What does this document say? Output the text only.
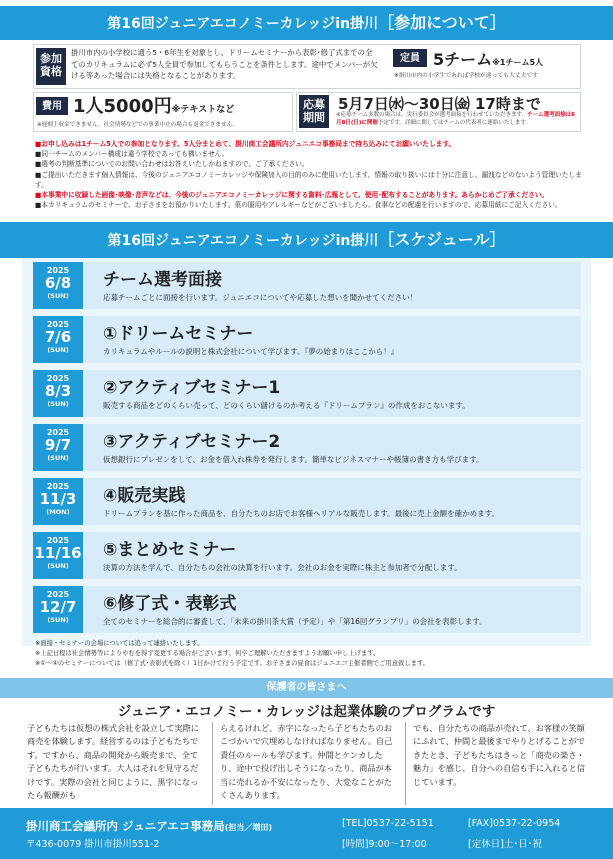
第16回ジュニアエコノミーカレッジin掛川［参加について］
参加
資格
掛川市内の小学校に通う5・6年生を対象とし、ドリームセミナーから表彰･修了式までの全てのカリキュラムに必ず5人全員で参加してもらうことを条件とします。途中でメンバーが欠ける等あった場合には失格となることがあります。
定員 5チーム※1チーム5人
※掛川市内の小学生であれば学校が違っても大丈夫です
費用 1人5000円※テキストなど
※遅刻上収金できません。社会情勢などでの事業中止の場合も返金できません。
応募
期間
5月7日㈬〜30日㈮ 17時まで
※応募チーム多数の場合は、実行委員会が選考面接を行わせていただきます。チーム選考面接は6月8日(日)に開催予定です。詳細に関してはチームの代表者に連絡いたします。
■お申し込みは1チーム5人での参加となります。5人分まとめて、掛川商工会議所内ジュニエコ事務局まで持ち込みにてお願いいたします。
■同一チームのメンバー構成は違う学校であっても構いません。
■選考の判断基準についてのお問い合わせはお答えいたしかねますので、ご了承ください。
■ご提出いただきます個人情報は、今後のジュニアエコノミーカレッジや保険加入の目的のみに使用いたします。情報の取り扱いには十分に注意し、漏洩などのないよう管理いたします。
■本事業中に収録した画像･映像･音声などは、今後のジュニアエコノミーカレッジに関する資料･広報として、使用･配布することがあります。あらかじめご了承ください。
■本カリキュラムのセミナーで、お子さまをお預かりいたします。菓の服用やアレルギーなどがございましたら、食事などの配慮を行いますので、応募用紙にご記入ください。
第16回ジュニアエコノミーカレッジin掛川［スケジュール］
2025
6/8
(SUN)
チーム選考面接
応募チームごとに面接を行います。ジュニエコについてや応募した想いを聞かせてください！
2025
7/6
(SUN)
①ドリームセミナー
カリキュラムやルールの説明と株式会社について学びます。『夢の始まりはここから！』
2025
8/3
(SUN)
②アクティブセミナー1
販売する商品をどのくらい売って、どのくらい儲けるのか考える『ドリームプラン』の作成をおこないます。
2025
9/7
(SUN)
③アクティブセミナー2
仮想銀行にプレゼンをして、お金を借入れ株券を発行します。簡単なビジネスマナーや帳簿の書き方も学びます。
2025
11/3
(MON)
④販売実践
ドリームプランを基に作った商品を、自分たちのお店でお客様へリアルな販売します。最後に売上金額を確かめます。
2025
11/16
(SUN)
⑤まとめセミナー
決算の方法を学んで、自分たちの会社の決算を行います。会社のお金を実際に株主と参加者で分配します。
2025
12/7
(SUN)
⑥修了式・表彰式
全てのセミナーを総合的に審査して、「未来の掛川茶大賞（予定）」や「第16回グランプリ」の会社を表彰します。
※面接・セミナーの会場については追って連絡いたします。
※上記日程は社会情勢等によりやむを得ず変更する場合がございます。何卒ご理解いただきますようお願い申し上げます。
※①〜④のセミナーについては（修了式･表彰式を除く）1日かけて行う予定です。お子さまの昼食はジュニエコ主催者側でご用意致します。
保護者の皆さまへ
ジュニア・エコノミー・カレッジは起業体験のプログラムです
子どもたちは仮想の株式会社を設立して実際に商売を体験します。経営するのは子どもたちです。ですから、商品の開発から販売まで、全て子どもたちが行います。大人はそれを見守るだけです。実際の会社と同じように、黒字になったら報酬がも
らえるけれど、赤字になったら子どもたちのおこづかいで穴埋めしなければなりません。自己責任のルールも学びます。仲間とケンカしたり、途中で投げ出しそうになったり、商品が本当に売れるか不安になったり、大変なことがたくさんあります。
でも、自分たちの商品が売れて、お客様の笑顔にふれて、仲間と最後までやりとげることができたとき、子どもたちはきっと「商売の楽さ・魅力」を感じ、自分への自信も手に入れると信じています。
掛川商工会議所内 ジュニアエコ事務局(担当／増田)
〒436-0079 掛川市掛川551-2
[TEL]0537-22-5151	[FAX]0537-22-0954
[時間]9:00〜17:00	[定休日]土･日･祝
